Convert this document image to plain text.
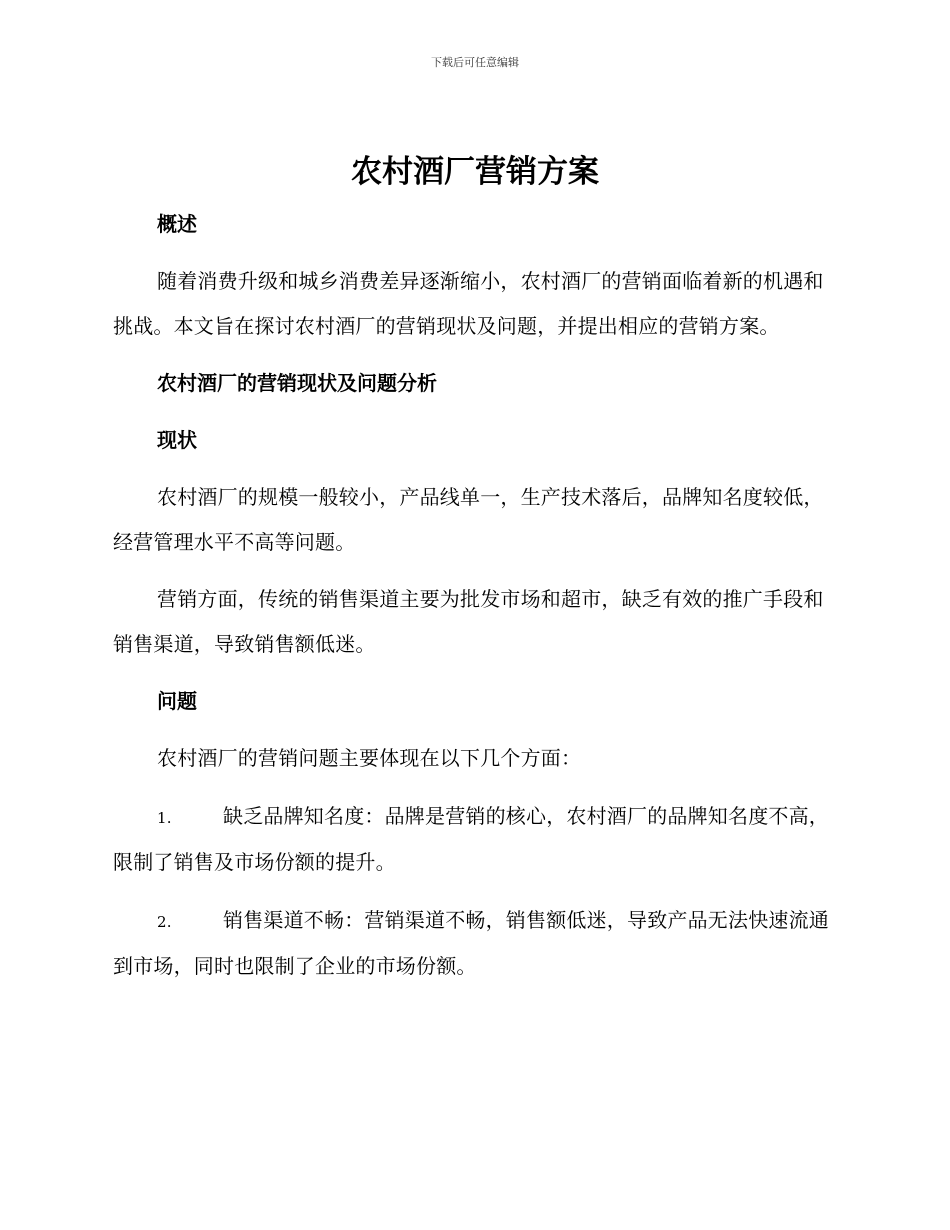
下载后可任意编辑
农村酒厂营销方案
概述

随着消费升级和城乡消费差异逐渐缩小，农村酒厂的营销面临着新的机遇和挑战。本文旨在探讨农村酒厂的营销现状及问题，并提出相应的营销方案。

农村酒厂的营销现状及问题分析
现状

农村酒厂的规模一般较小，产品线单一，生产技术落后，品牌知名度较低，经营管理水平不高等问题。

营销方面，传统的销售渠道主要为批发市场和超市，缺乏有效的推广手段和销售渠道，导致销售额低迷。

问题

农村酒厂的营销问题主要体现在以下几个方面：

1.	缺乏品牌知名度：品牌是营销的核心，农村酒厂的品牌知名度不高，限制了销售及市场份额的提升。

2.	销售渠道不畅：营销渠道不畅，销售额低迷，导致产品无法快速流通到市场，同时也限制了企业的市场份额。
